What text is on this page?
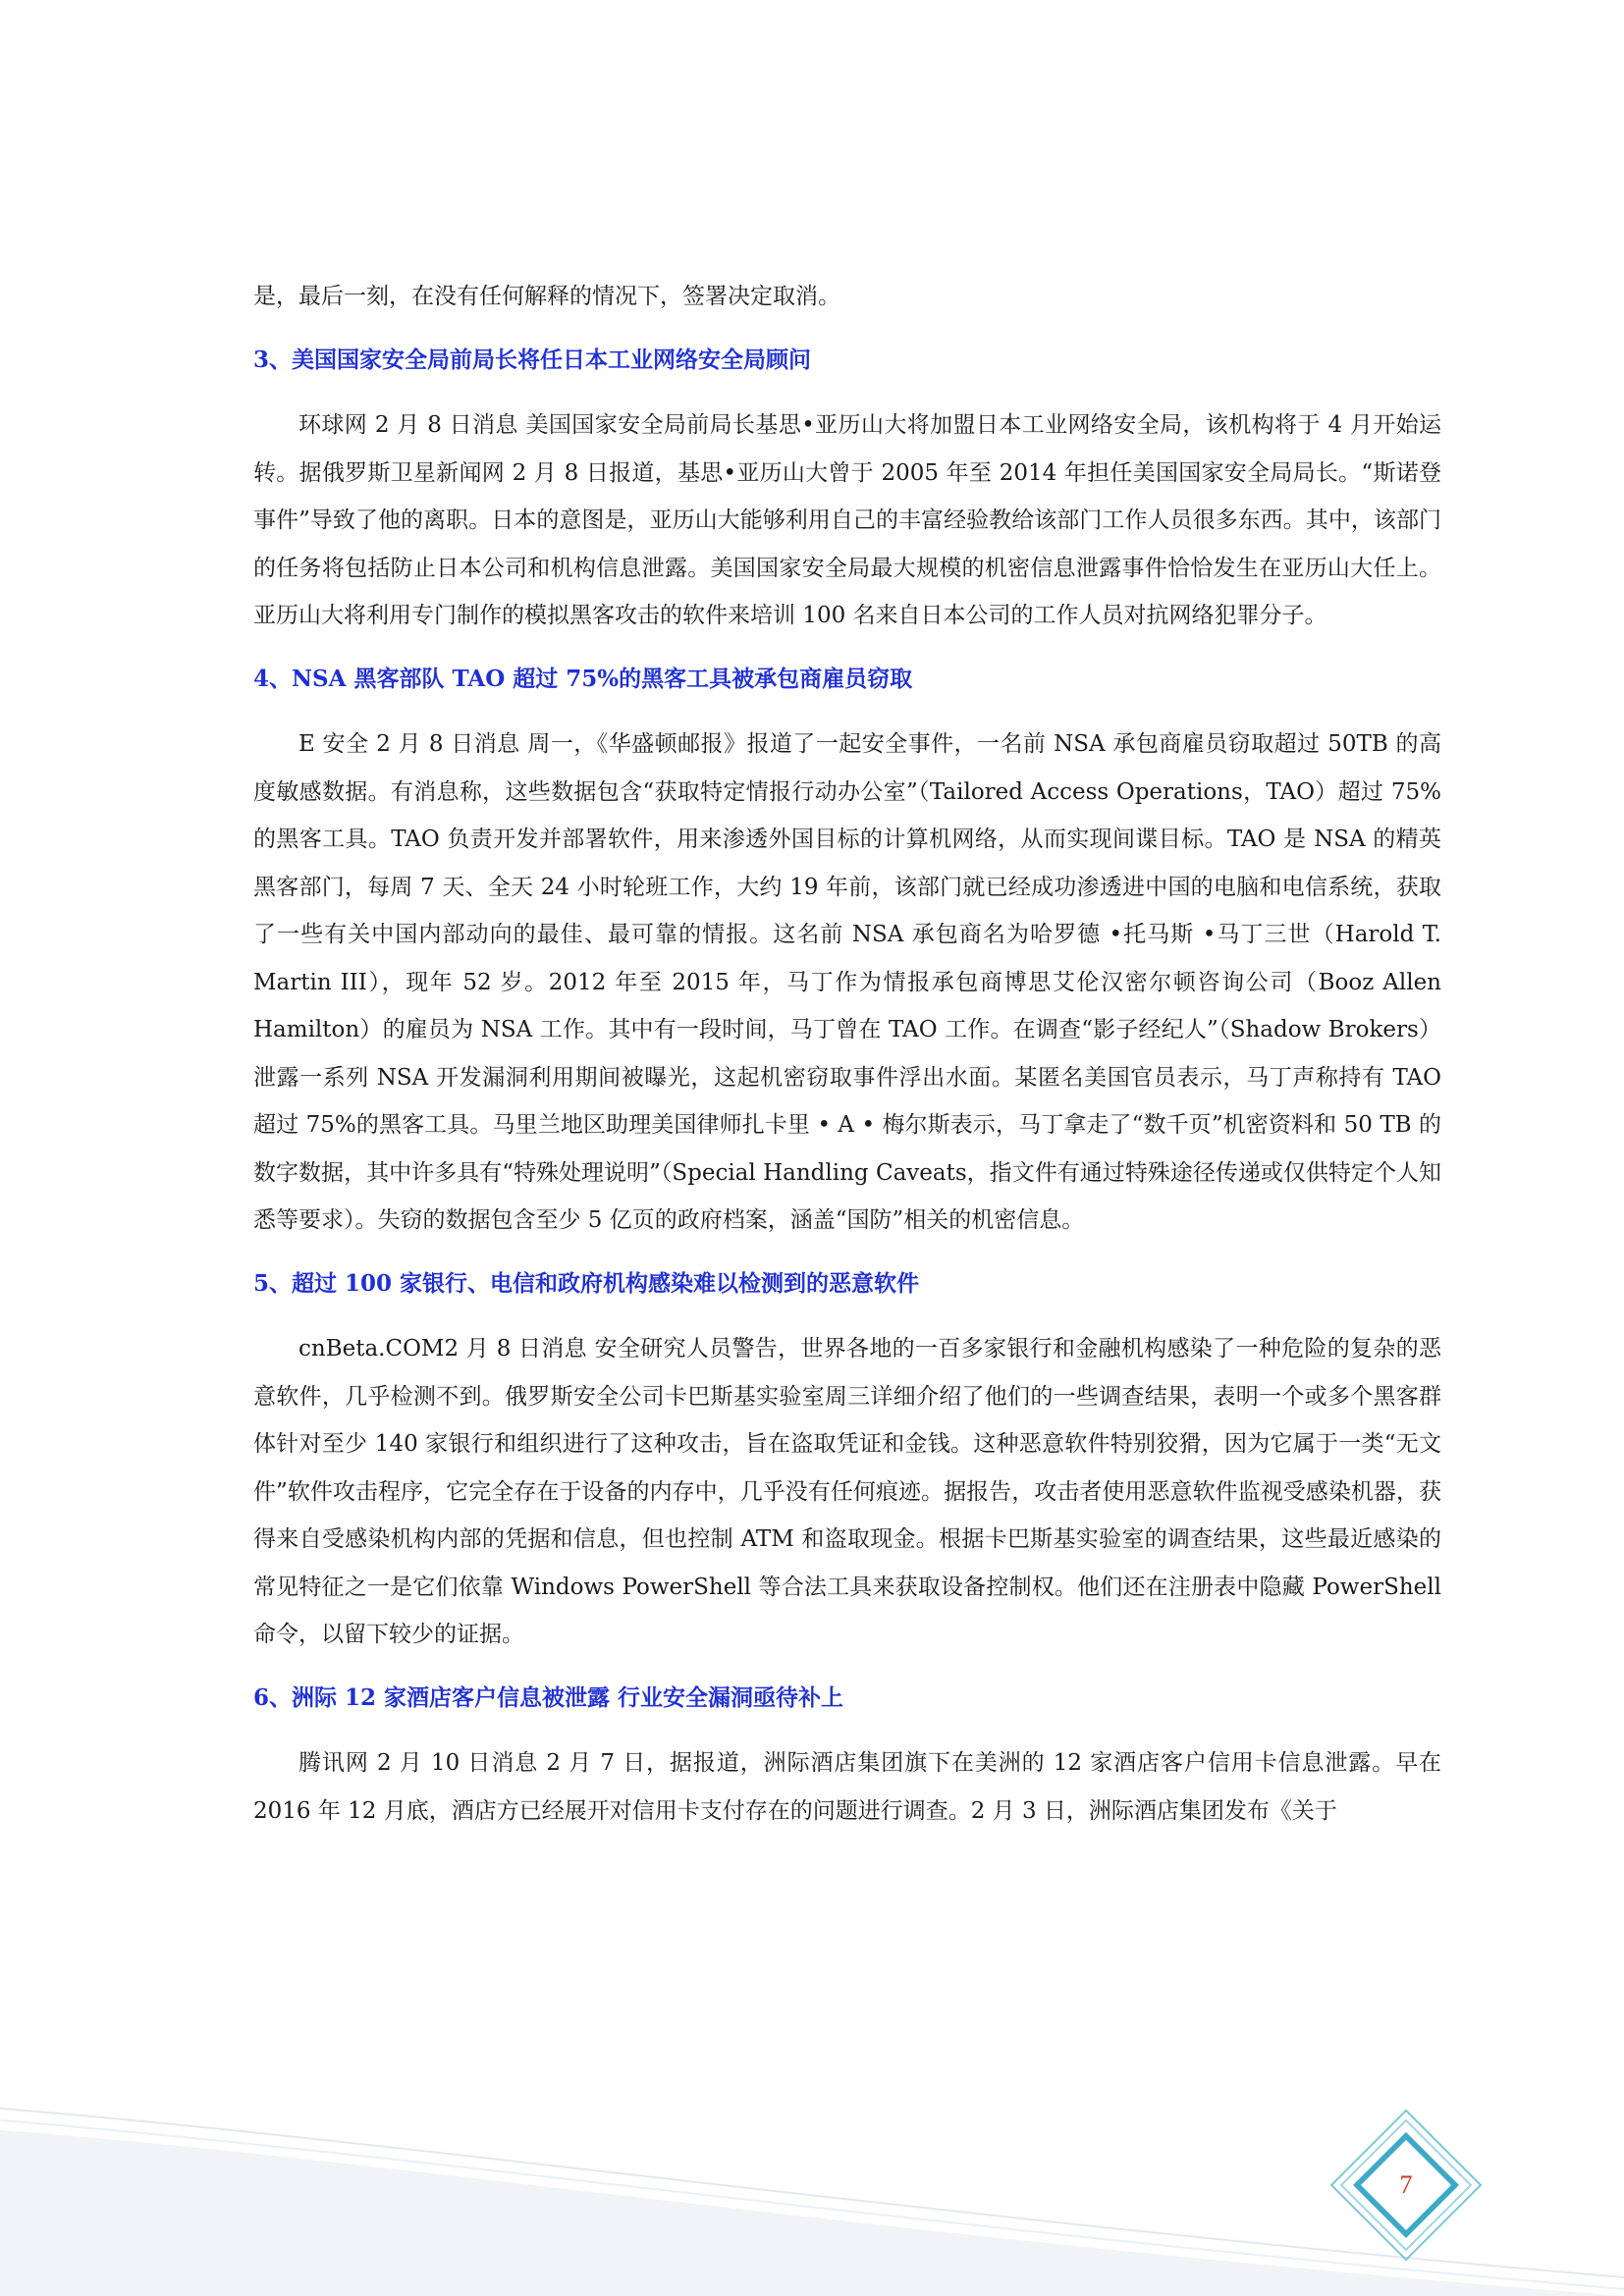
是，最后一刻，在没有任何解释的情况下，签署决定取消。

3、美国国家安全局前局长将任日本工业网络安全局顾问

环球网 2 月 8 日消息 美国国家安全局前局长基思•亚历山大将加盟日本工业网络安全局，该机构将于 4 月开始运转。据俄罗斯卫星新闻网 2 月 8 日报道，基思•亚历山大曾于 2005 年至 2014 年担任美国国家安全局局长。“斯诺登事件”导致了他的离职。日本的意图是，亚历山大能够利用自己的丰富经验教给该部门工作人员很多东西。其中，该部门的任务将包括防止日本公司和机构信息泄露。美国国家安全局最大规模的机密信息泄露事件恰恰发生在亚历山大任上。亚历山大将利用专门制作的模拟黑客攻击的软件来培训 100 名来自日本公司的工作人员对抗网络犯罪分子。

4、NSA 黑客部队 TAO 超过 75%的黑客工具被承包商雇员窃取

E 安全 2 月 8 日消息 周一，《华盛顿邮报》报道了一起安全事件，一名前 NSA 承包商雇员窃取超过 50TB 的高度敏感数据。有消息称，这些数据包含“获取特定情报行动办公室”（Tailored Access Operations，TAO）超过 75%的黑客工具。TAO 负责开发并部署软件，用来渗透外国目标的计算机网络，从而实现间谍目标。TAO 是 NSA 的精英黑客部门，每周 7 天、全天 24 小时轮班工作，大约 19 年前，该部门就已经成功渗透进中国的电脑和电信系统，获取了一些有关中国内部动向的最佳、最可靠的情报。这名前 NSA 承包商名为哈罗德 •托马斯 •马丁三世（Harold T. Martin III），现年 52 岁。2012 年至 2015 年，马丁作为情报承包商博思艾伦汉密尔顿咨询公司（Booz Allen Hamilton）的雇员为 NSA 工作。其中有一段时间，马丁曾在 TAO 工作。在调查“影子经纪人”（Shadow Brokers）泄露一系列 NSA 开发漏洞利用期间被曝光，这起机密窃取事件浮出水面。某匿名美国官员表示，马丁声称持有 TAO 超过 75%的黑客工具。马里兰地区助理美国律师扎卡里 • A • 梅尔斯表示，马丁拿走了“数千页”机密资料和 50 TB 的数字数据，其中许多具有“特殊处理说明”（Special Handling Caveats，指文件有通过特殊途径传递或仅供特定个人知悉等要求）。失窃的数据包含至少 5 亿页的政府档案，涵盖“国防”相关的机密信息。

5、超过 100 家银行、电信和政府机构感染难以检测到的恶意软件

cnBeta.COM2 月 8 日消息 安全研究人员警告，世界各地的一百多家银行和金融机构感染了一种危险的复杂的恶意软件，几乎检测不到。俄罗斯安全公司卡巴斯基实验室周三详细介绍了他们的一些调查结果，表明一个或多个黑客群体针对至少 140 家银行和组织进行了这种攻击，旨在盗取凭证和金钱。这种恶意软件特别狡猾，因为它属于一类“无文件”软件攻击程序，它完全存在于设备的内存中，几乎没有任何痕迹。据报告，攻击者使用恶意软件监视受感染机器，获得来自受感染机构内部的凭据和信息，但也控制 ATM 和盗取现金。根据卡巴斯基实验室的调查结果，这些最近感染的常见特征之一是它们依靠 Windows PowerShell 等合法工具来获取设备控制权。他们还在注册表中隐藏 PowerShell 命令，以留下较少的证据。

6、洲际 12 家酒店客户信息被泄露 行业安全漏洞亟待补上

腾讯网 2 月 10 日消息 2 月 7 日，据报道，洲际酒店集团旗下在美洲的 12 家酒店客户信用卡信息泄露。早在 2016 年 12 月底，酒店方已经展开对信用卡支付存在的问题进行调查。2 月 3 日，洲际酒店集团发布《关于

7
